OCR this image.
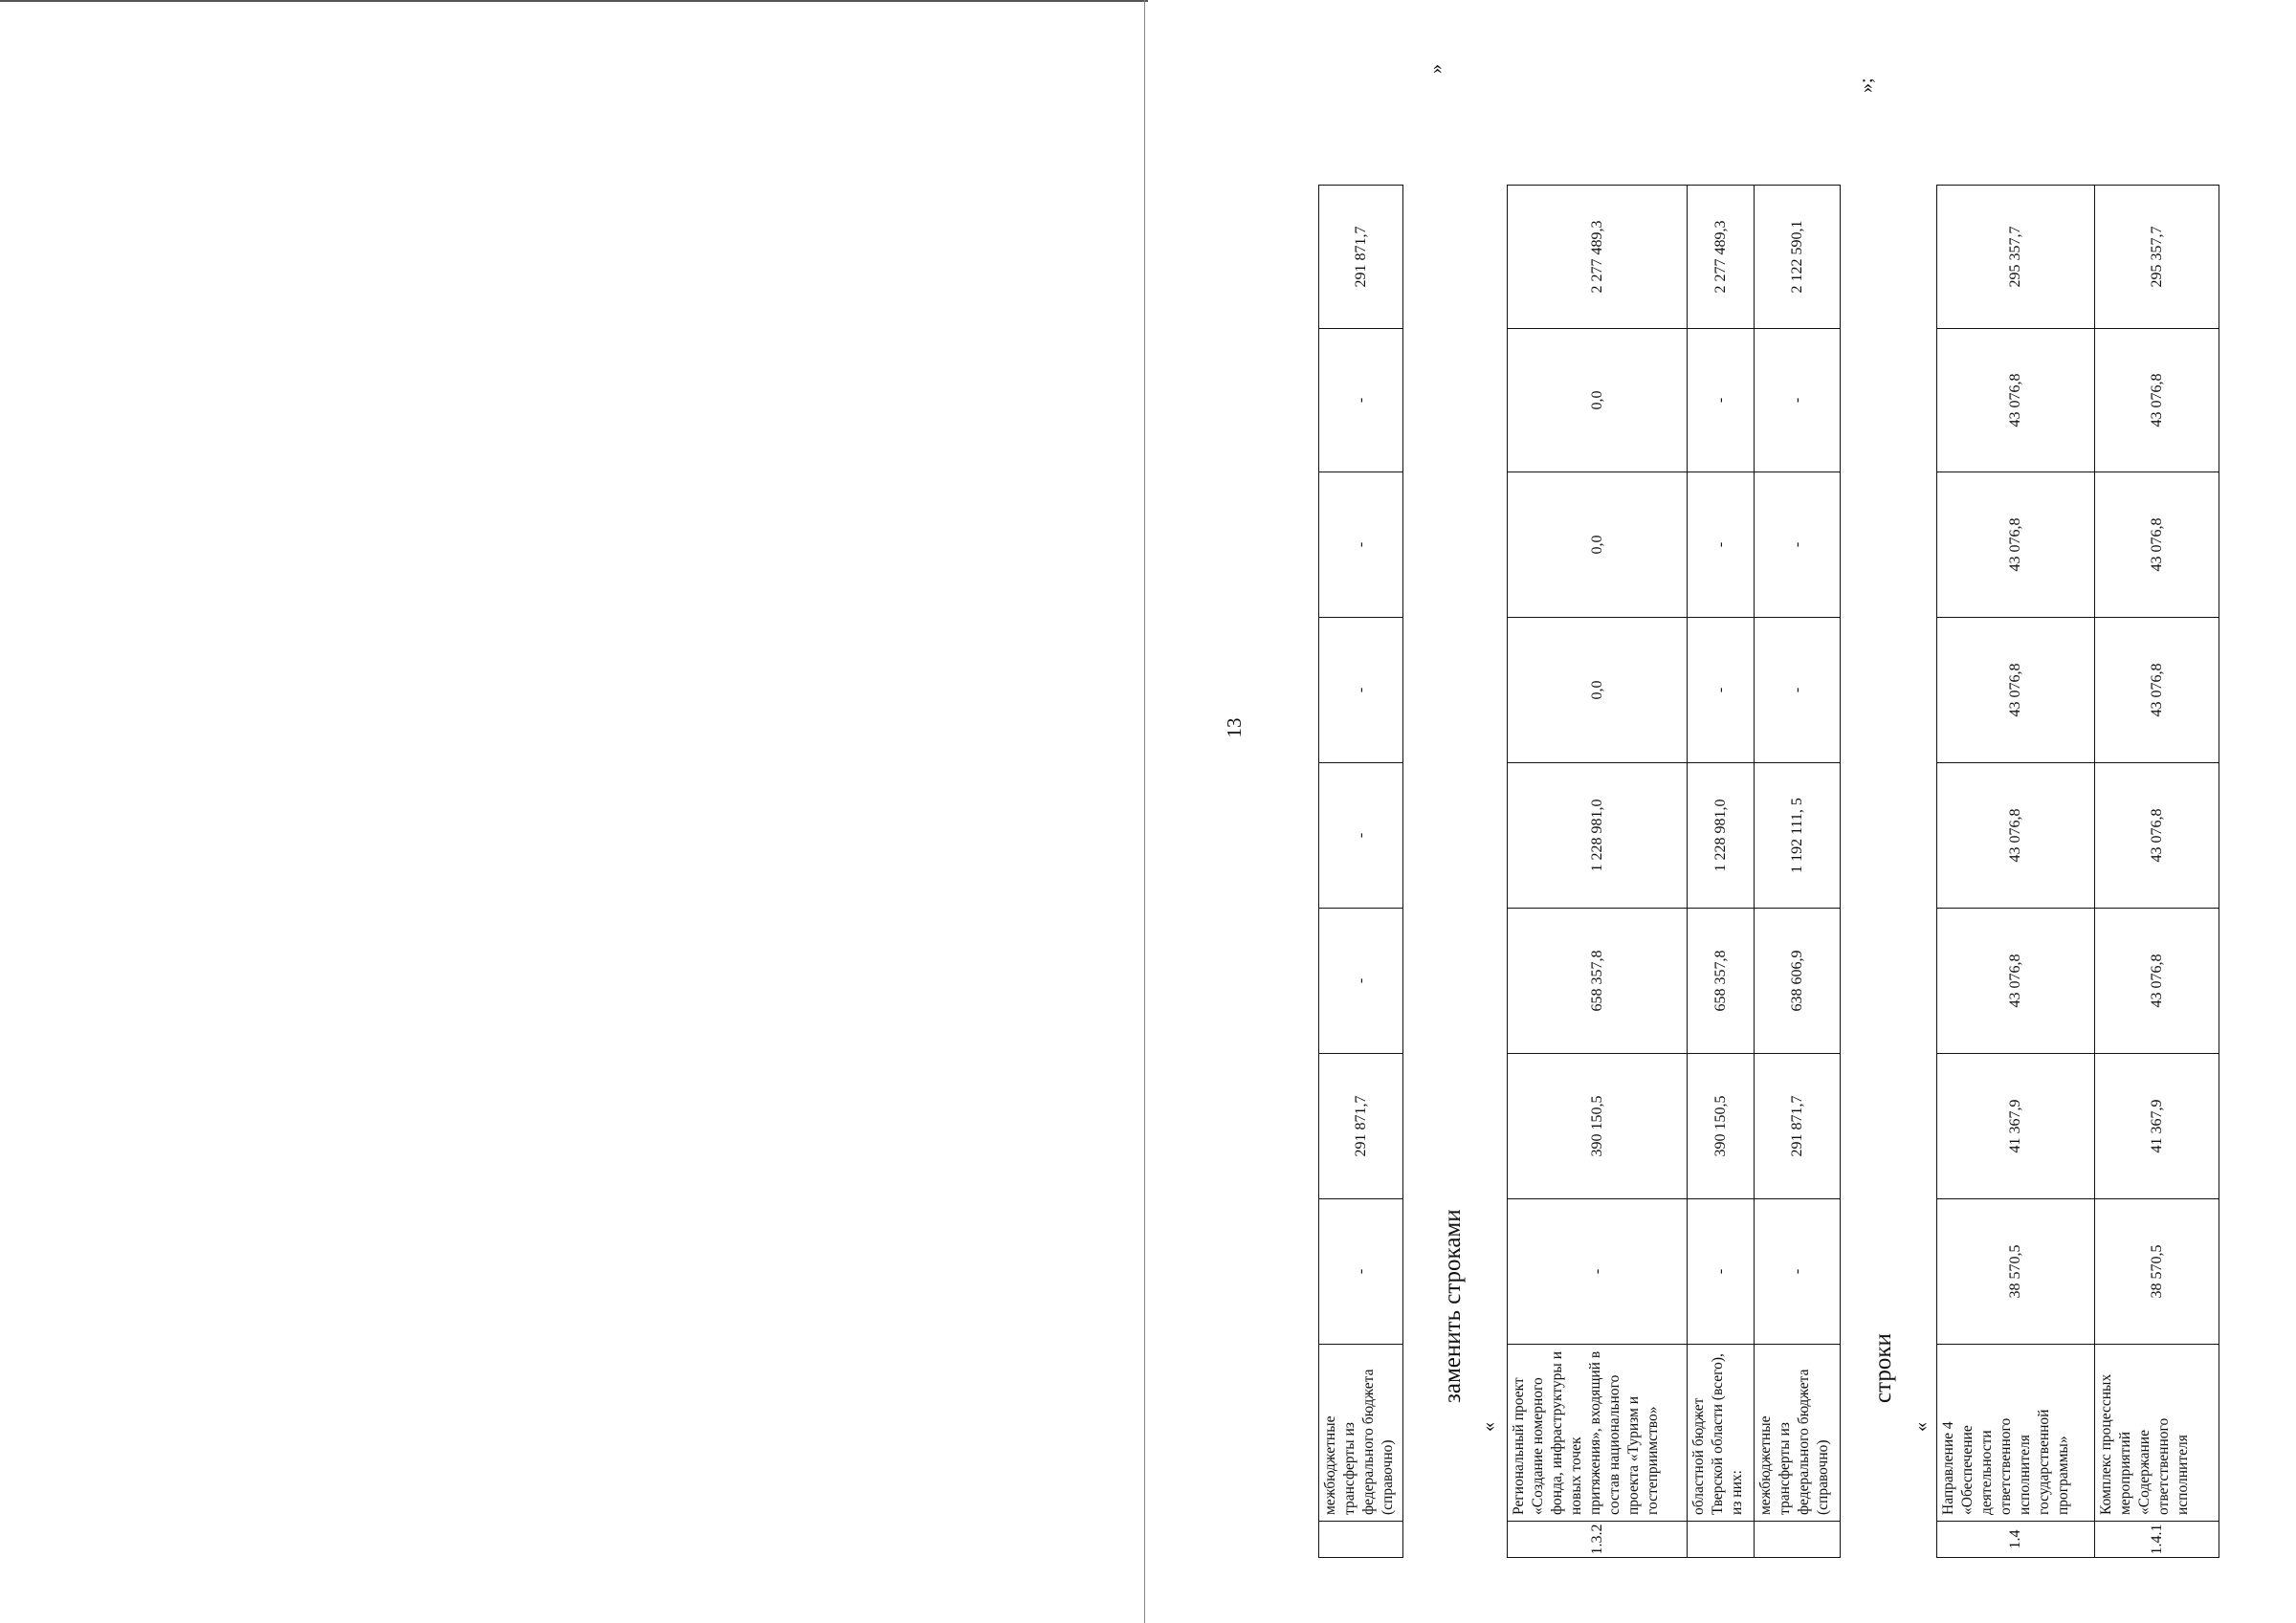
13
	межбюджетные трансферты из федерального бюджета (справочно)	-	291 871,7	-	-	-	-	-	291 871,7
»
заменить строками
«
1.3.2	Региональный проект «Создание номерного фонда, инфраструктуры и новых точек притяжения», входящий в состав национального проекта «Туризм и гостеприимство»	-	390 150,5	658 357,8	1 228 981,0	0,0	0,0	0,0	2 277 489,3
	областной бюджет Тверской области (всего), из них:	-	390 150,5	658 357,8	1 228 981,0	-	-	-	2 277 489,3
	межбюджетные трансферты из федерального бюджета (справочно)	-	291 871,7	638 606,9	1 192 111, 5	-	-	-	2 122 590,1
»;
строки
«
1.4	Направление 4 «Обеспечение деятельности ответственного исполнителя государственной программы»	38 570,5	41 367,9	43 076,8	43 076,8	43 076,8	43 076,8	43 076,8	295 357,7
1.4.1	Комплекс процессных мероприятий «Содержание ответственного исполнителя	38 570,5	41 367,9	43 076,8	43 076,8	43 076,8	43 076,8	43 076,8	295 357,7
